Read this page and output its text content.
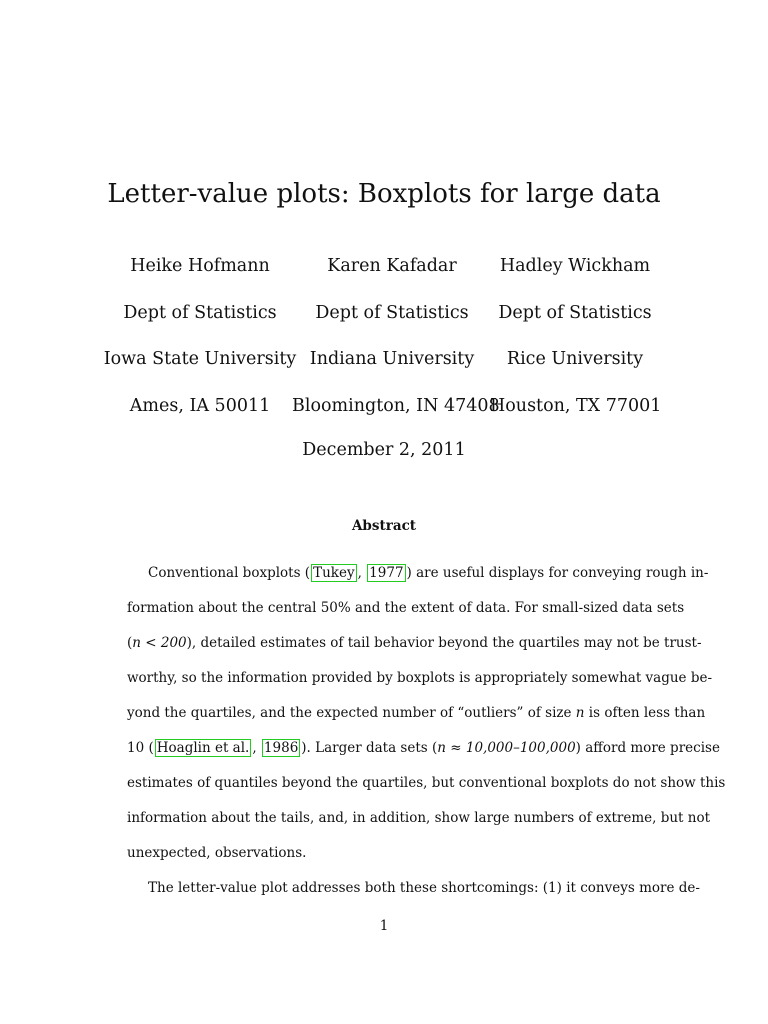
Letter-value plots: Boxplots for large data
Heike Hofmann
Dept of Statistics
Iowa State University
Ames, IA 50011
Karen Kafadar
Dept of Statistics
Indiana University
Bloomington, IN 47408
Hadley Wickham
Dept of Statistics
Rice University
Houston, TX 77001
December 2, 2011
Abstract
Conventional boxplots ( Tukey , 1977 ) are useful displays for conveying rough in-
formation about the central 50% and the extent of data. For small-sized data sets
(n < 200), detailed estimates of tail behavior beyond the quartiles may not be trust-
worthy, so the information provided by boxplots is appropriately somewhat vague be-
yond the quartiles, and the expected number of “outliers” of size n is often less than
10 ( Hoaglin et al. , 1986 ). Larger data sets (n ≈ 10,000–100,000) afford more precise
estimates of quantiles beyond the quartiles, but conventional boxplots do not show this
information about the tails, and, in addition, show large numbers of extreme, but not
unexpected, observations.
The letter-value plot addresses both these shortcomings: (1) it conveys more de-
1
